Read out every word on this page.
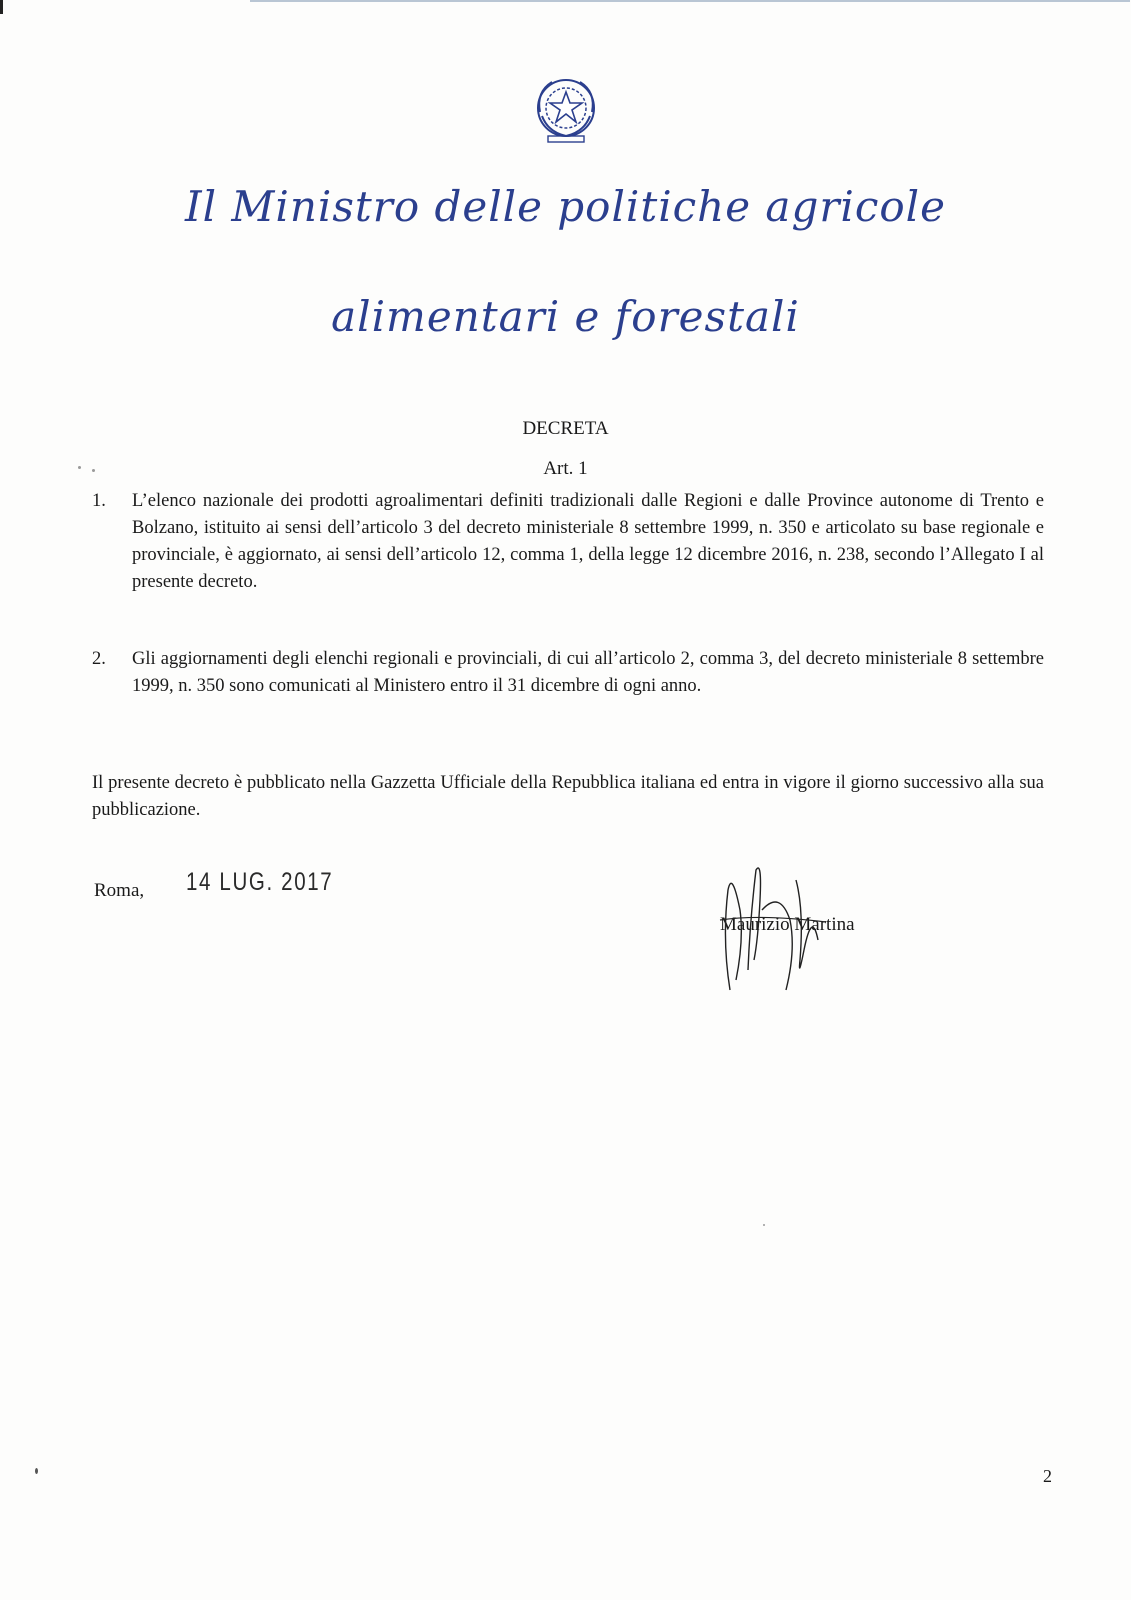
Il Ministro delle politiche agricole
alimentari e forestali
DECRETA
Art. 1
1.	L’elenco nazionale dei prodotti agroalimentari definiti tradizionali dalle Regioni e dalle Province autonome di Trento e Bolzano, istituito ai sensi dell’articolo 3 del decreto ministeriale 8 settembre 1999, n. 350 e articolato su base regionale e provinciale, è aggiornato, ai sensi dell’articolo 12, comma 1, della legge 12 dicembre 2016, n. 238, secondo l’Allegato I al presente decreto.
2.	Gli aggiornamenti degli elenchi regionali e provinciali, di cui all’articolo 2, comma 3, del decreto ministeriale 8 settembre 1999, n. 350 sono comunicati al Ministero entro il 31 dicembre di ogni anno.
Il presente decreto è pubblicato nella Gazzetta Ufficiale della Repubblica italiana ed entra in vigore il giorno successivo alla sua pubblicazione.
Roma, 14 LUG. 2017
Maurizio Martina
2
